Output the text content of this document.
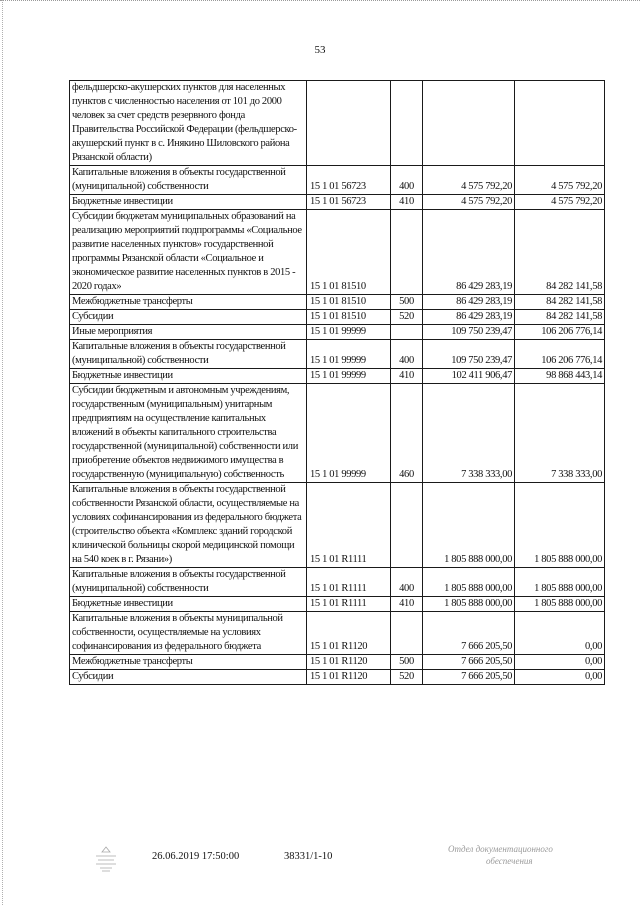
53
фельдшерско-акушерских пунктов для населенных пунктов с численностью населения от 101 до 2000 человек за счет средств резервного фонда Правительства Российской Федерации (фельдшерско-акушерский пункт в с. Инякино Шиловского района Рязанской области)				
Капитальные вложения в объекты государственной (муниципальной) собственности	15 1 01 56723	400	4 575 792,20	4 575 792,20
Бюджетные инвестиции	15 1 01 56723	410	4 575 792,20	4 575 792,20
Субсидии бюджетам муниципальных образований на реализацию мероприятий подпрограммы «Социальное развитие населенных пунктов» государственной программы Рязанской области «Социальное и экономическое развитие населенных пунктов в 2015 - 2020 годах»	15 1 01 81510		86 429 283,19	84 282 141,58
Межбюджетные трансферты	15 1 01 81510	500	86 429 283,19	84 282 141,58
Субсидии	15 1 01 81510	520	86 429 283,19	84 282 141,58
Иные мероприятия	15 1 01 99999		109 750 239,47	106 206 776,14
Капитальные вложения в объекты государственной (муниципальной) собственности	15 1 01 99999	400	109 750 239,47	106 206 776,14
Бюджетные инвестиции	15 1 01 99999	410	102 411 906,47	98 868 443,14
Субсидии бюджетным и автономным учреждениям, государственным (муниципальным) унитарным предприятиям на осуществление капитальных вложений в объекты капитального строительства государственной (муниципальной) собственности или приобретение объектов недвижимого имущества в государственную (муниципальную) собственность	15 1 01 99999	460	7 338 333,00	7 338 333,00
Капитальные вложения в объекты государственной собственности Рязанской области, осуществляемые на условиях софинансирования из федерального бюджета (строительство объекта «Комплекс зданий городской клинической больницы скорой медицинской помощи на 540 коек в г. Рязани»)	15 1 01 R1111		1 805 888 000,00	1 805 888 000,00
Капитальные вложения в объекты государственной (муниципальной) собственности	15 1 01 R1111	400	1 805 888 000,00	1 805 888 000,00
Бюджетные инвестиции	15 1 01 R1111	410	1 805 888 000,00	1 805 888 000,00
Капитальные вложения в объекты муниципальной собственности, осуществляемые на условиях софинансирования из федерального бюджета	15 1 01 R1120		7 666 205,50	0,00
Межбюджетные трансферты	15 1 01 R1120	500	7 666 205,50	0,00
Субсидии	15 1 01 R1120	520	7 666 205,50	0,00
26.06.2019 17:50:00	38331/1-10
Отдел документационного
обеспечения
